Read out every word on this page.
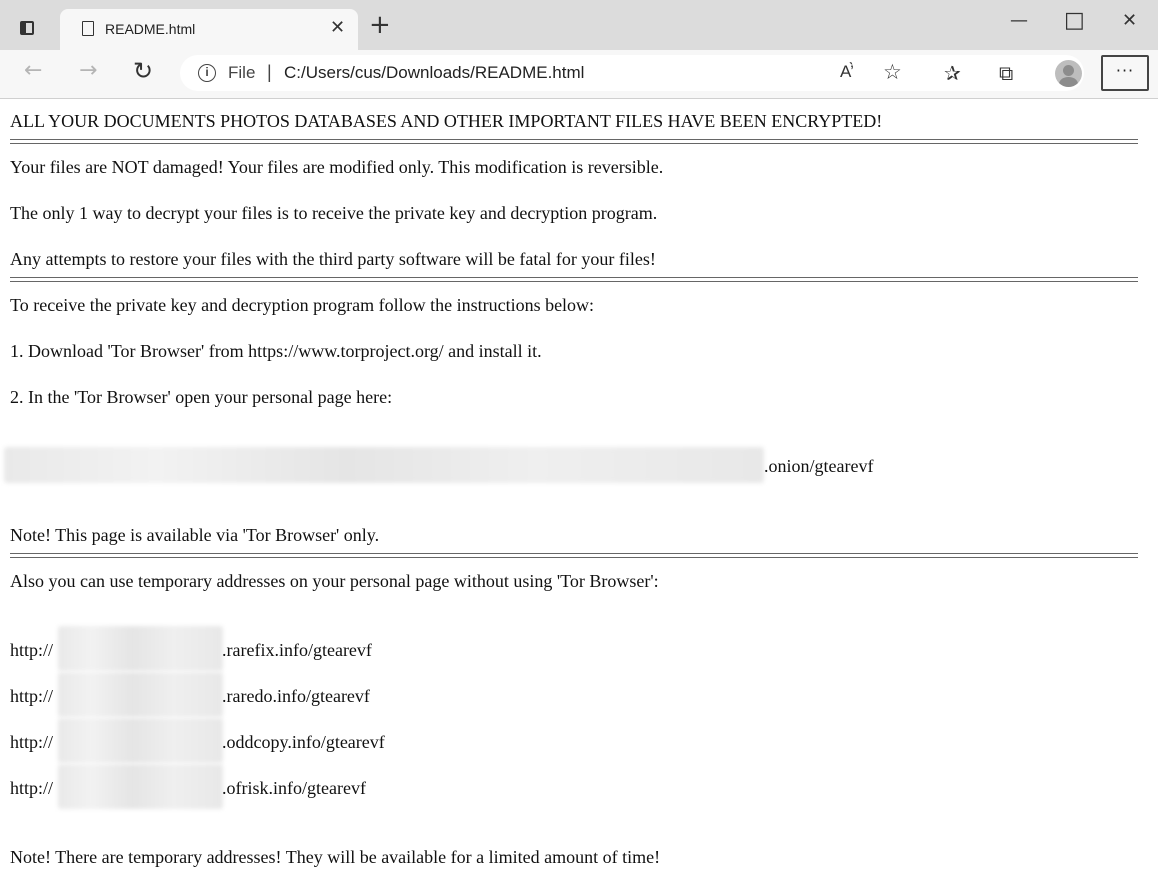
README.html	✕ +	— □ ✕
← → ↻	i	File | C:/Users/cus/Downloads/README.html	A’̀ ☆ ✰ ⧉	···
ALL YOUR DOCUMENTS PHOTOS DATABASES AND OTHER IMPORTANT FILES HAVE BEEN ENCRYPTED!
Your files are NOT damaged! Your files are modified only. This modification is reversible.
The only 1 way to decrypt your files is to receive the private key and decryption program.
Any attempts to restore your files with the third party software will be fatal for your files!
To receive the private key and decryption program follow the instructions below:
1. Download 'Tor Browser' from https://www.torproject.org/ and install it.
2. In the 'Tor Browser' open your personal page here:
.onion/gtearevf
Note! This page is available via 'Tor Browser' only.
Also you can use temporary addresses on your personal page without using 'Tor Browser':
http://	.rarefix.info/gtearevf
http://	.raredo.info/gtearevf
http://	.oddcopy.info/gtearevf
http://	.ofrisk.info/gtearevf
Note! There are temporary addresses! They will be available for a limited amount of time!
